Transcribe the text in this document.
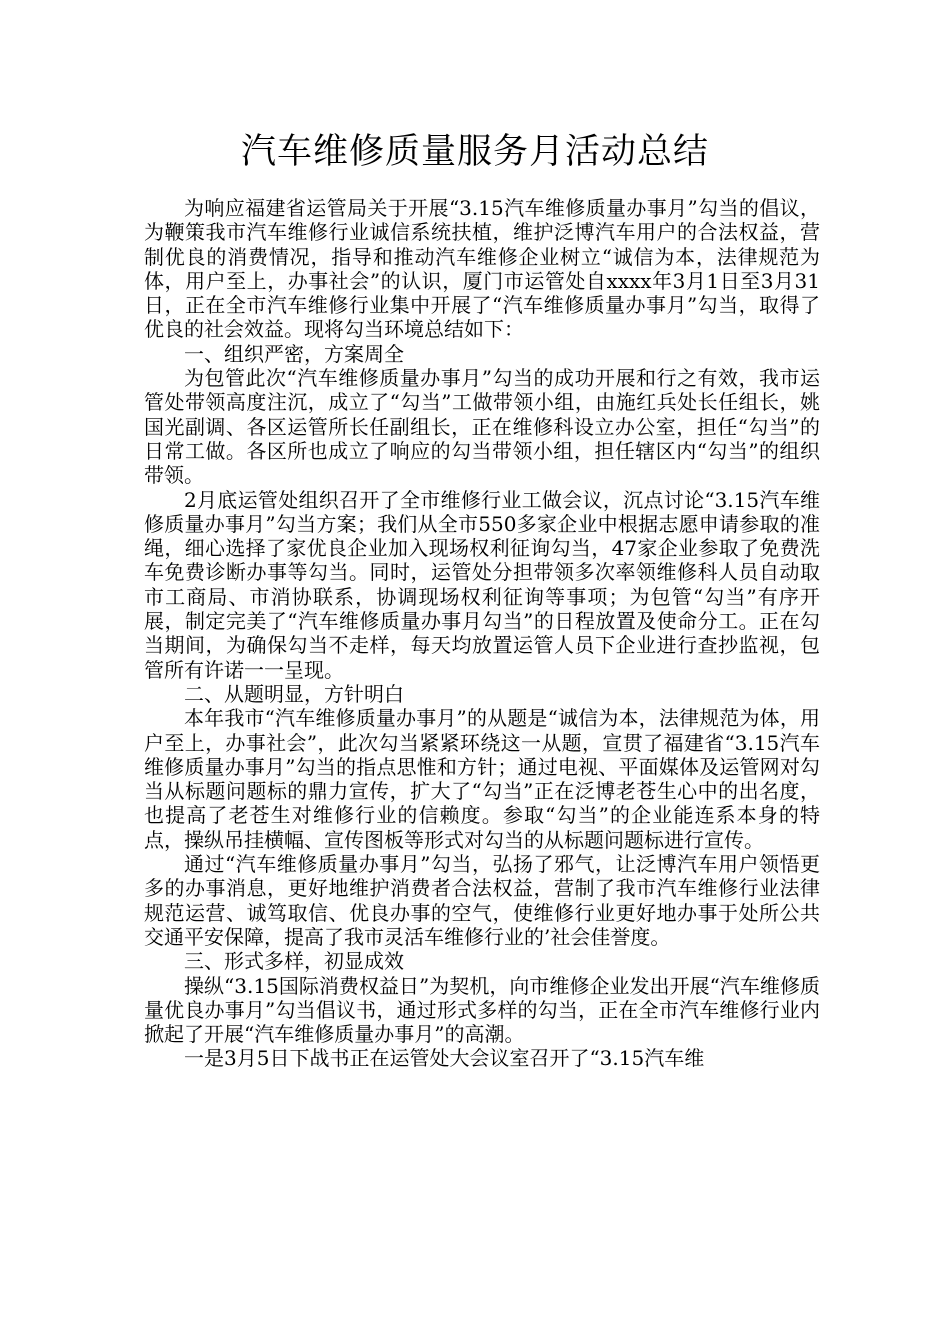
汽车维修质量服务月活动总结

为响应福建省运管局关于开展“3.15汽车维修质量办事月”勾当的倡议，为鞭策我市汽车维修行业诚信系统扶植，维护泛博汽车用户的合法权益，营制优良的消费情况，指导和推动汽车维修企业树立“诚信为本，法律规范为体，用户至上，办事社会”的认识，厦门市运管处自xxxx年3月1日至3月31日，正在全市汽车维修行业集中开展了“汽车维修质量办事月”勾当，取得了优良的社会效益。现将勾当环境总结如下：

一、组织严密，方案周全

为包管此次“汽车维修质量办事月”勾当的成功开展和行之有效，我市运管处带领高度注沉，成立了“勾当”工做带领小组，由施红兵处长任组长，姚国光副调、各区运管所长任副组长，正在维修科设立办公室，担任“勾当”的日常工做。各区所也成立了响应的勾当带领小组，担任辖区内“勾当”的组织带领。

2月底运管处组织召开了全市维修行业工做会议，沉点讨论“3.15汽车维修质量办事月”勾当方案；我们从全市550多家企业中根据志愿申请参取的准绳，细心选择了家优良企业加入现场权利征询勾当，47家企业参取了免费洗车免费诊断办事等勾当。同时，运管处分担带领多次率领维修科人员自动取市工商局、市消协联系，协调现场权利征询等事项；为包管“勾当”有序开展，制定完美了“汽车维修质量办事月勾当”的日程放置及使命分工。正在勾当期间，为确保勾当不走样，每天均放置运管人员下企业进行查抄监视，包管所有许诺一一呈现。

二、从题明显，方针明白

本年我市“汽车维修质量办事月”的从题是“诚信为本，法律规范为体，用户至上，办事社会”，此次勾当紧紧环绕这一从题，宣贯了福建省“3.15汽车维修质量办事月”勾当的指点思惟和方针；通过电视、平面媒体及运管网对勾当从标题问题标的鼎力宣传，扩大了“勾当”正在泛博老苍生心中的出名度，也提高了老苍生对维修行业的信赖度。参取“勾当”的企业能连系本身的特点，操纵吊挂横幅、宣传图板等形式对勾当的从标题问题标进行宣传。

通过“汽车维修质量办事月”勾当，弘扬了邪气，让泛博汽车用户领悟更多的办事消息，更好地维护消费者合法权益，营制了我市汽车维修行业法律规范运营、诚笃取信、优良办事的空气，使维修行业更好地办事于处所公共交通平安保障，提高了我市灵活车维修行业的’社会佳誉度。

三、形式多样，初显成效

操纵“3.15国际消费权益日”为契机，向市维修企业发出开展“汽车维修质量优良办事月”勾当倡议书，通过形式多样的勾当，正在全市汽车维修行业内掀起了开展“汽车维修质量办事月”的高潮。

一是3月5日下战书正在运管处大会议室召开了“3.15汽车维
